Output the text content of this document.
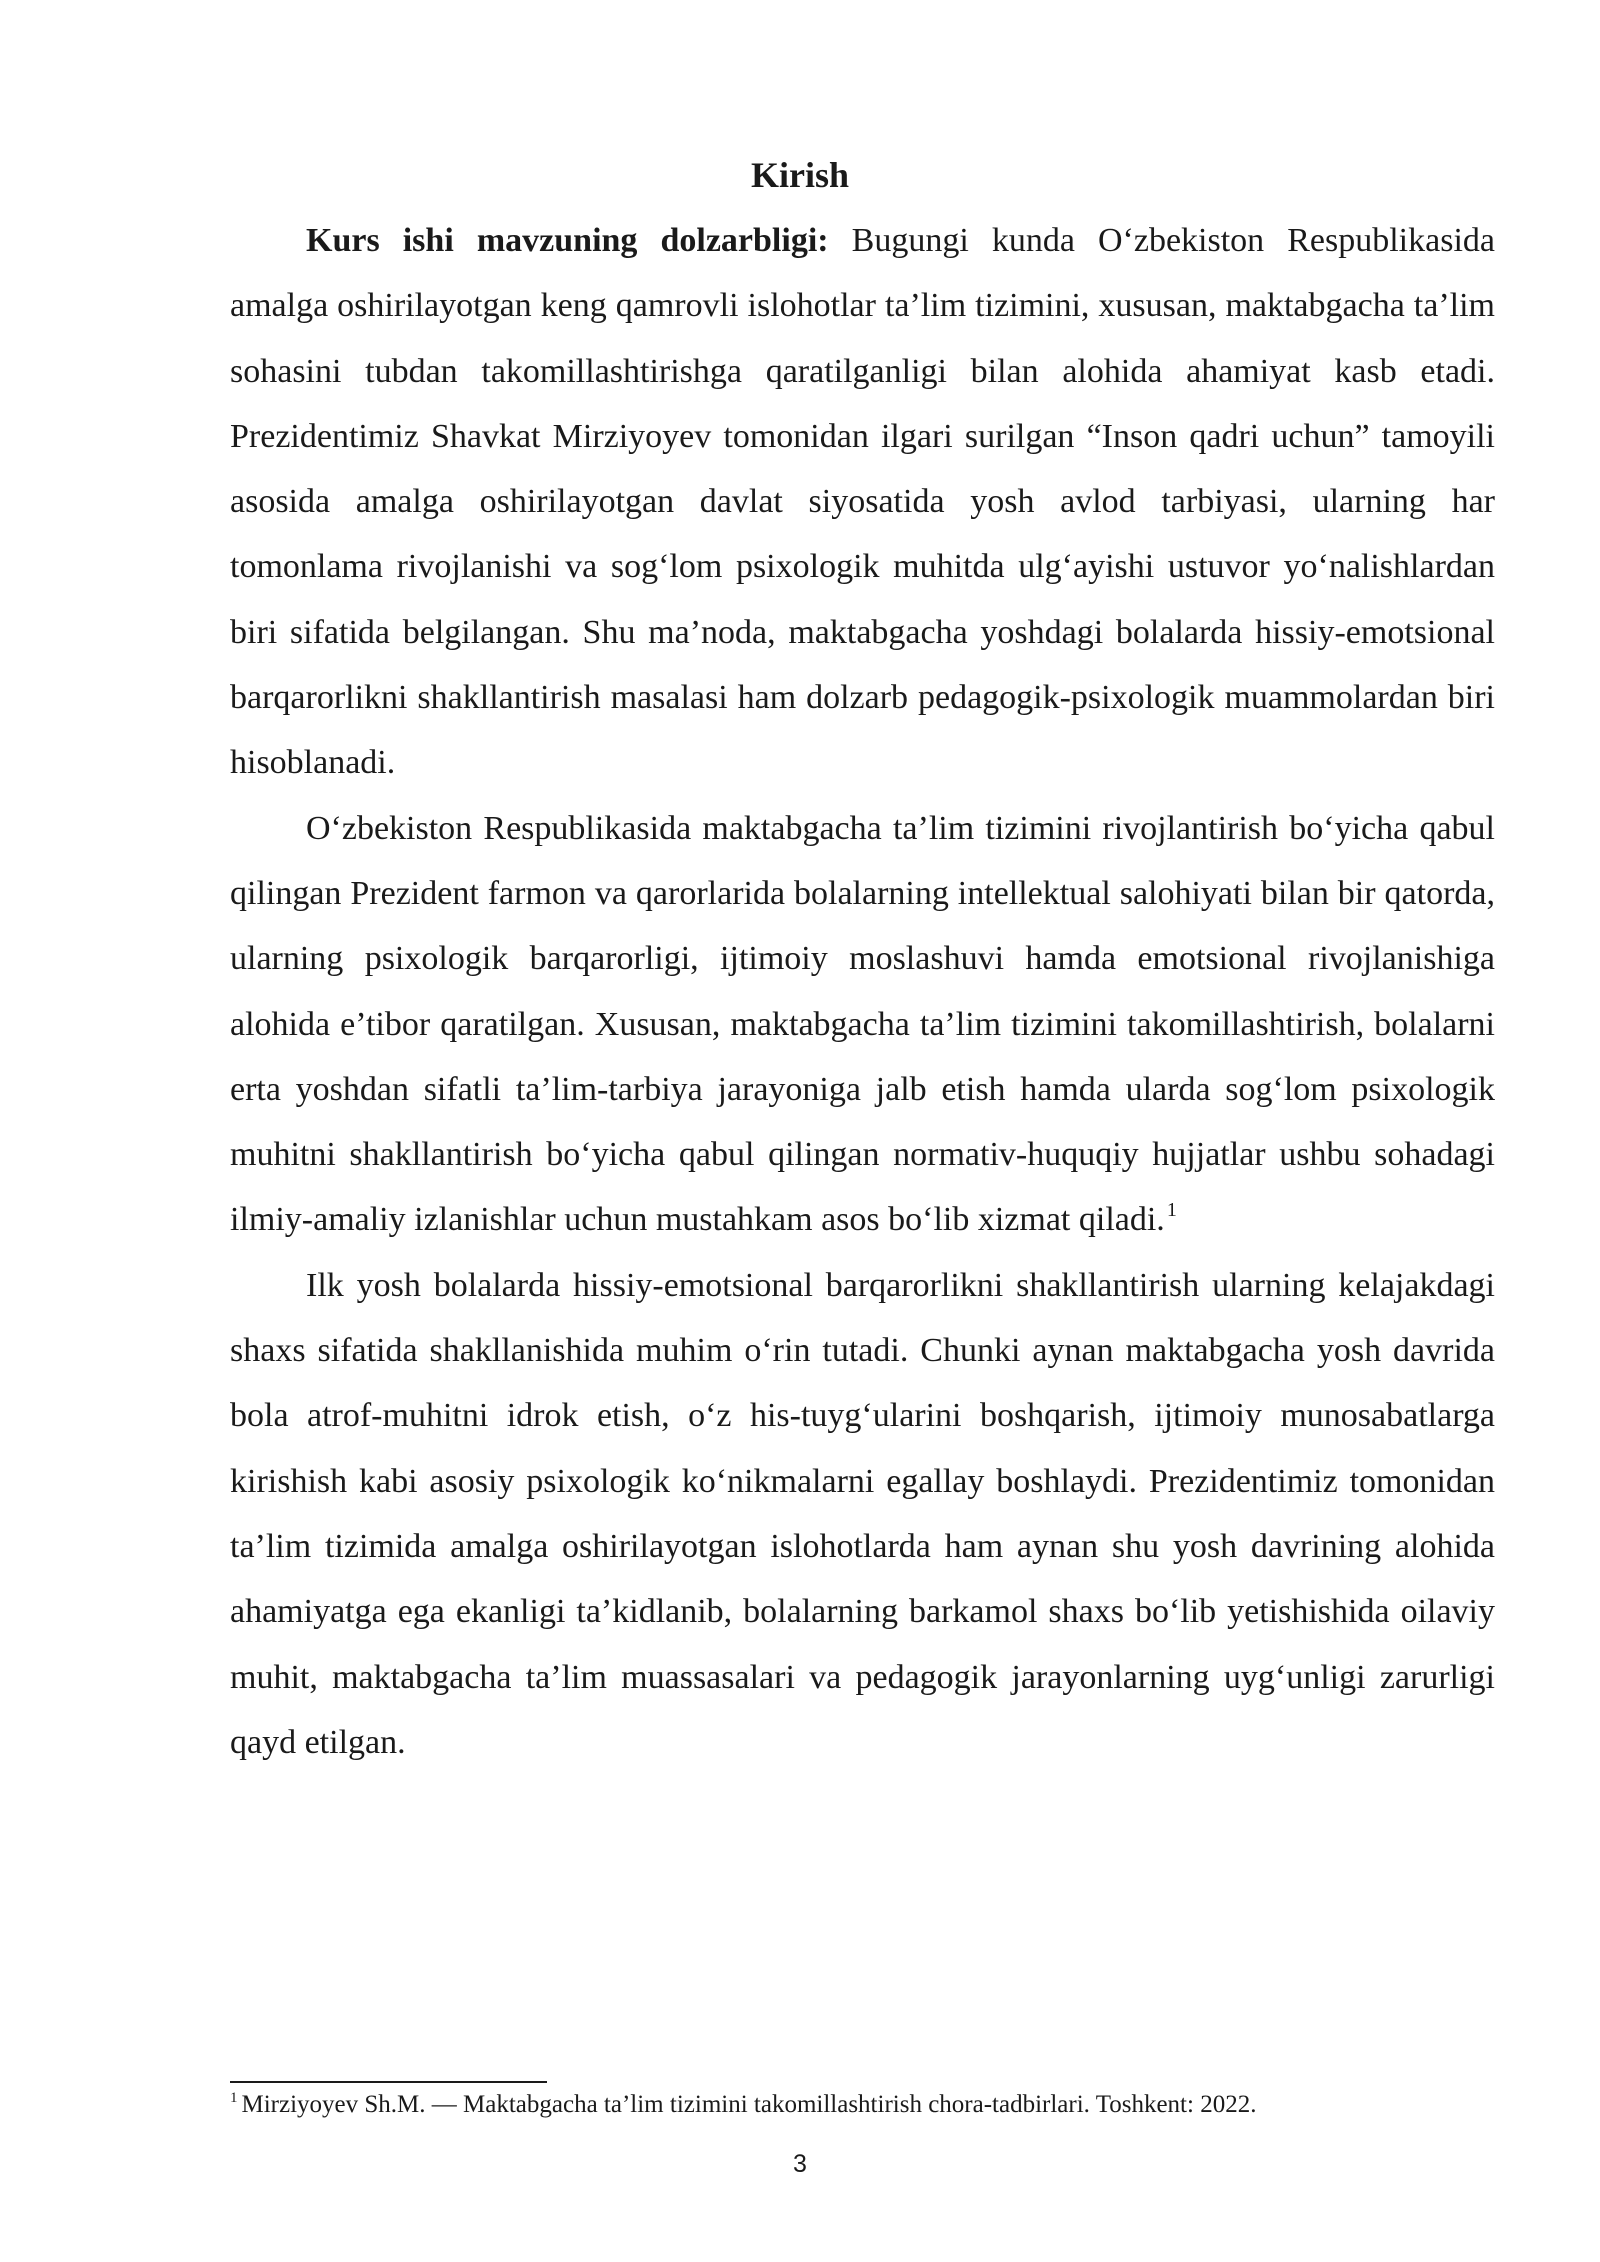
Kirish

Kurs ishi mavzuning dolzarbligi: Bugungi kunda O‘zbekiston Respublikasida amalga oshirilayotgan keng qamrovli islohotlar ta’lim tizimini, xususan, maktabgacha ta’lim sohasini tubdan takomillashtirishga qaratilganligi bilan alohida ahamiyat kasb etadi. Prezidentimiz Shavkat Mirziyoyev tomonidan ilgari surilgan “Inson qadri uchun” tamoyili asosida amalga oshirilayotgan davlat siyosatida yosh avlod tarbiyasi, ularning har tomonlama rivojlanishi va sog‘lom psixologik muhitda ulg‘ayishi ustuvor yo‘nalishlardan biri sifatida belgilangan. Shu ma’noda, maktabgacha yoshdagi bolalarda hissiy-emotsional barqarorlikni shakllantirish masalasi ham dolzarb pedagogik-psixologik muammolardan biri hisoblanadi.

O‘zbekiston Respublikasida maktabgacha ta’lim tizimini rivojlantirish bo‘yicha qabul qilingan Prezident farmon va qarorlarida bolalarning intellektual salohiyati bilan bir qatorda, ularning psixologik barqarorligi, ijtimoiy moslashuvi hamda emotsional rivojlanishiga alohida e’tibor qaratilgan. Xususan, maktabgacha ta’lim tizimini takomillashtirish, bolalarni erta yoshdan sifatli ta’lim-tarbiya jarayoniga jalb etish hamda ularda sog‘lom psixologik muhitni shakllantirish bo‘yicha qabul qilingan normativ-huquqiy hujjatlar ushbu sohadagi ilmiy-amaliy izlanishlar uchun mustahkam asos bo‘lib xizmat qiladi. $^1$

Ilk yosh bolalarda hissiy-emotsional barqarorlikni shakllantirish ularning kelajakdagi shaxs sifatida shakllanishida muhim o‘rin tutadi. Chunki aynan maktabgacha yosh davrida bola atrof-muhitni idrok etish, o‘z his-tuyg‘ularini boshqarish, ijtimoiy munosabatlarga kirishish kabi asosiy psixologik ko‘nikmalarni egallay boshlaydi. Prezidentimiz tomonidan ta’lim tizimida amalga oshirilayotgan islohotlarda ham aynan shu yosh davrining alohida ahamiyatga ega ekanligi ta’kidlanib, bolalarning barkamol shaxs bo‘lib yetishishida oilaviy muhit, maktabgacha ta’lim muassasalari va pedagogik jarayonlarning uyg‘unligi zarurligi qayd etilgan.

$^1$ Mirziyoyev Sh.M. — Maktabgacha ta’lim tizimini takomillashtirish chora-tadbirlari. Toshkent: 2022.
3
